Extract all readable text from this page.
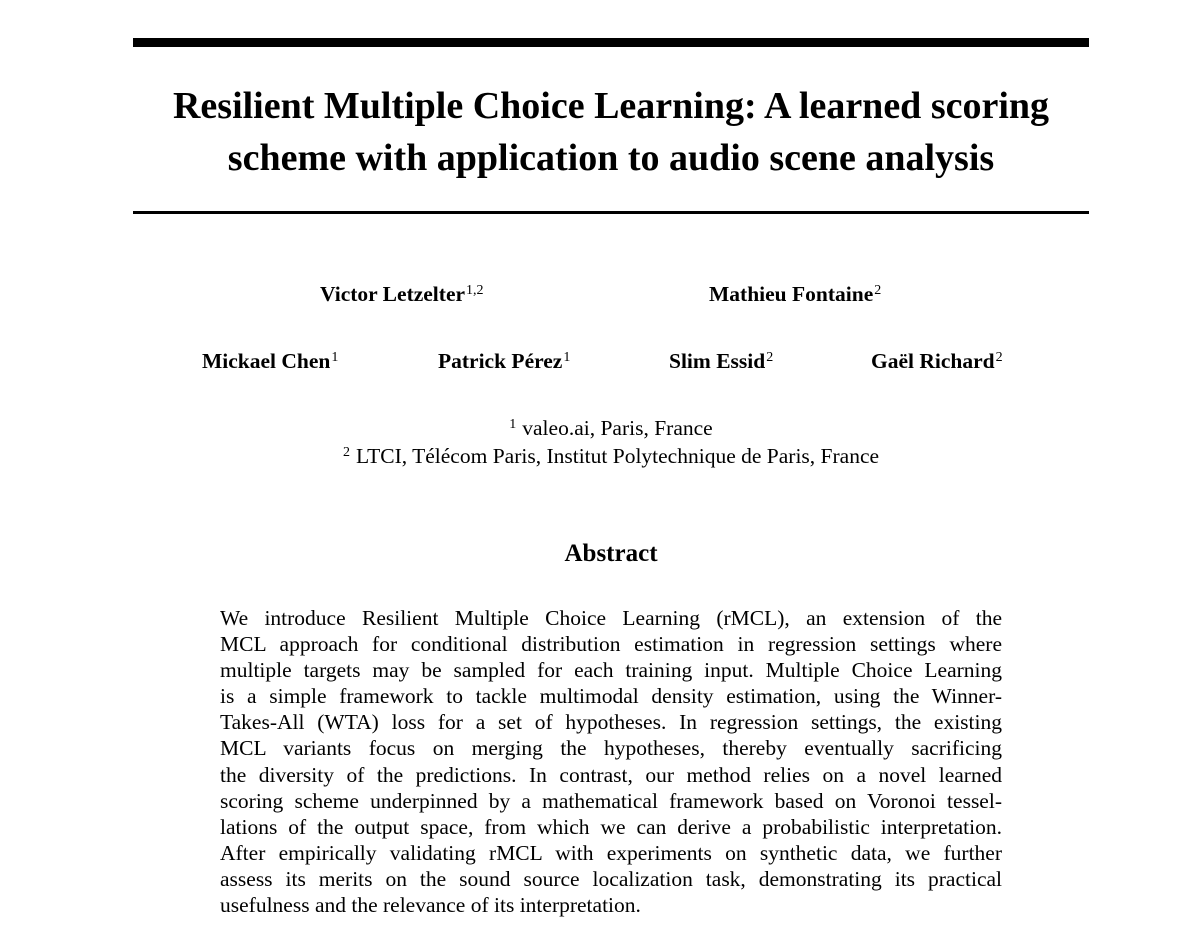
Resilient Multiple Choice Learning: A learned scoring
scheme with application to audio scene analysis
Victor Letzelter$^{1,2}$	Mathieu Fontaine$^2$
Mickael Chen$^1$	Patrick Pérez$^1$	Slim Essid$^2$	Gaël Richard$^2$
$^1$ valeo.ai, Paris, France
$^2$ LTCI, Télécom Paris, Institut Polytechnique de Paris, France
Abstract
We introduce Resilient Multiple Choice Learning (rMCL), an extension of the
MCL approach for conditional distribution estimation in regression settings where
multiple targets may be sampled for each training input. Multiple Choice Learning
is a simple framework to tackle multimodal density estimation, using the Winner-
Takes-All (WTA) loss for a set of hypotheses. In regression settings, the existing
MCL variants focus on merging the hypotheses, thereby eventually sacrificing
the diversity of the predictions. In contrast, our method relies on a novel learned
scoring scheme underpinned by a mathematical framework based on Voronoi tessel-
lations of the output space, from which we can derive a probabilistic interpretation.
After empirically validating rMCL with experiments on synthetic data, we further
assess its merits on the sound source localization task, demonstrating its practical
usefulness and the relevance of its interpretation.
